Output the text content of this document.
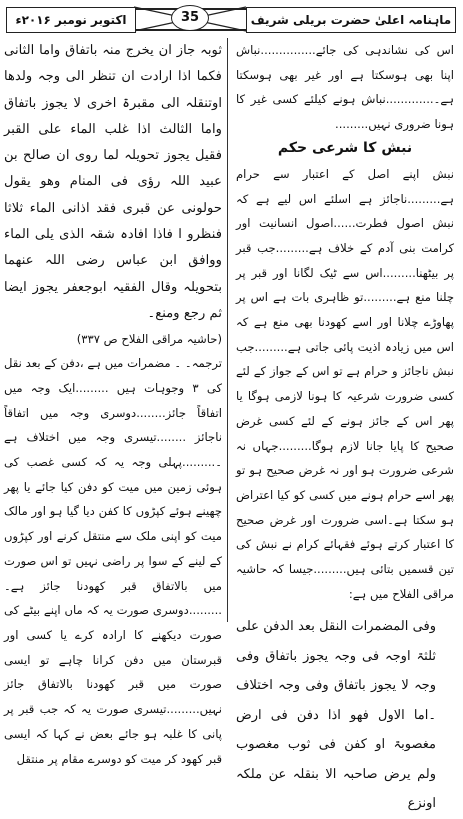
ماہنامہ اعلیٰ حضرت بریلی شریف
35
اکتوبر نومبر ۲۰۱۶ء

اس کی نشاندہی کی جائے...............نباش اپنا بھی ہوسکتا ہے اور غیر بھی ہوسکتا ہے۔.............نباش ہونے کیلئے کسی غیر کا ہونا ضروری نہیں.........

نبش کا شرعی حکم

نبش اپنے اصل کے اعتبار سے حرام ہے.........ناجائز ہے اسلئے اس لیے ہے کہ نبش اصول فطرت......اصول انسانیت اور کرامت بنی آدم کے خلاف ہے.........جب قبر پر بیٹھنا.........اس سے ٹیک لگانا اور قبر پر چلنا منع ہے.........تو ظاہری بات ہے اس پر پھاوڑے چلانا اور اسے کھودنا بھی منع ہے کہ اس میں زیادہ اذیت پائی جاتی ہے.........جب نبش ناجائز و حرام ہے تو اس کے جواز کے لئے کسی ضرورت شرعیہ کا ہونا لازمی ہوگا یا پھر اس کے جائز ہونے کے لئے کسی غرض صحیح کا پایا جانا لازم ہوگا.........جہاں نہ شرعی ضرورت ہو اور نہ غرض صحیح ہو تو پھر اسے حرام ہونے میں کسی کو کیا اعتراض ہو سکتا ہے۔اسی ضرورت اور غرض صحیح کا اعتبار کرتے ہوئے فقہائے کرام نے نبش کی تین قسمیں بتائی ہیں.........جیسا کہ حاشیہ مراقی الفلاح میں ہے:

وفی المضمرات النقل بعد الدفن علی ثلثۃ اوجہ فی وجہ یجوز باتفاق وفی وجہ لا یجوز باتفاق وفی وجہ اختلاف ۔اما الاول فھو اذا دفن فی ارض مغصوبۃ او کفن فی ثوب مغصوب ولم یرض صاحبہ الا بنقلہ عن ملکہ اونزع

ثوبہ جاز ان یخرج منہ باتفاق واما الثانی فکما اذا ارادت ان تنظر الی وجہ ولدھا اوتنقلہ الی مقبرۃ اخری لا یجوز باتفاق واما الثالث اذا غلب الماء علی القبر فقیل یجوز تحویلہ لما روی ان صالح بن عبید اللہ رؤی فی المنام وھو یقول حولونی عن قبری فقد اذانی الماء ثلاثا فنظرو ا فاذا افادہ شقہ الذی یلی الماء ووافق ابن عباس رضی اللہ عنھما بتحویلہ وقال الفقیہ ابوجعفر یجوز ایضا ثم رجع ومنع۔

(حاشیہ مراقی الفلاح ص ۳۳۷)

ترجمہ۔ ۔ مضمرات میں ہے ،دفن کے بعد نقل کی ۳ وجوہات ہیں .........ایک وجہ میں اتفاقاً جائز........دوسری وجہ میں اتفاقاً ناجائز ........تیسری وجہ میں اختلاف ہے ۔.........پہلی وجہ یہ کہ کسی غصب کی ہوئی زمین میں میت کو دفن کیا جائے یا پھر چھینے ہوئے کپڑوں کا کفن دیا گیا ہو اور مالک میت کو اپنی ملک سے منتقل کرنے اور کپڑوں کے لینے کے سوا پر راضی نہیں تو اس صورت میں بالاتفاق قبر کھودنا جائز ہے۔ .........دوسری صورت یہ کہ ماں اپنے بیٹے کی صورت دیکھنے کا ارادہ کرے یا کسی اور قبرستان میں دفن کرانا چاہے تو ایسی صورت میں قبر کھودنا بالاتفاق جائز نہیں.........تیسری صورت یہ کہ جب قبر پر پانی کا غلبہ ہو جائے بعض نے کہا کہ ایسی قبر کھود کر میت کو دوسرے مقام پر منتقل
